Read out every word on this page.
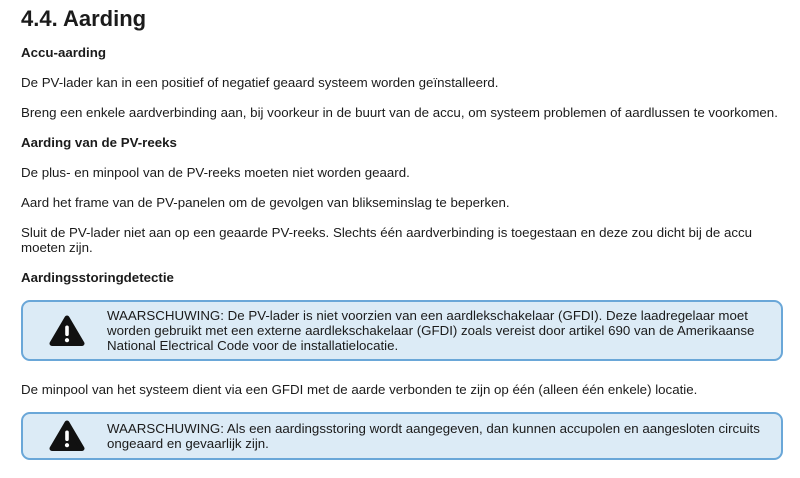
4.4. Aarding
Accu-aarding

De PV-lader kan in een positief of negatief geaard systeem worden geïnstalleerd.

Breng een enkele aardverbinding aan, bij voorkeur in de buurt van de accu, om systeem problemen of aardlussen te voorkomen.

Aarding van de PV-reeks

De plus- en minpool van de PV-reeks moeten niet worden geaard.

Aard het frame van de PV-panelen om de gevolgen van blikseminslag te beperken.

Sluit de PV-lader niet aan op een geaarde PV-reeks. Slechts één aardverbinding is toegestaan en deze zou dicht bij de accu moeten zijn.

Aardingsstoringdetectie
WAARSCHUWING: De PV-lader is niet voorzien van een aardlekschakelaar (GFDI). Deze laadregelaar moet worden gebruikt met een externe aardlekschakelaar (GFDI) zoals vereist door artikel 690 van de Amerikaanse National Electrical Code voor de installatielocatie.

De minpool van het systeem dient via een GFDI met de aarde verbonden te zijn op één (alleen één enkele) locatie.

WAARSCHUWING: Als een aardingsstoring wordt aangegeven, dan kunnen accupolen en aangesloten circuits ongeaard en gevaarlijk zijn.
